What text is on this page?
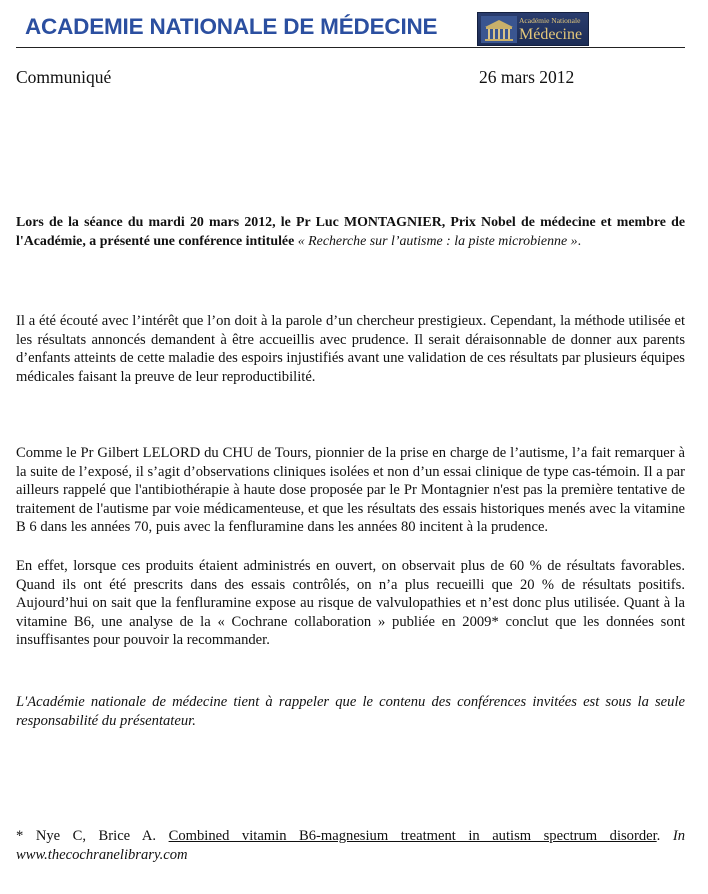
ACADEMIE NATIONALE DE MÉDECINE	Académie Nationale
Médecine
Communiqué	26 mars 2012

Lors de la séance du mardi 20 mars 2012, le Pr Luc MONTAGNIER, Prix Nobel de médecine et membre de l'Académie, a présenté une conférence intitulée « Recherche sur l’autisme : la piste microbienne ».

Il a été écouté avec l’intérêt que l’on doit à la parole d’un chercheur prestigieux. Cependant, la méthode utilisée et les résultats annoncés demandent à être accueillis avec prudence. Il serait déraisonnable de donner aux parents d’enfants atteints de cette maladie des espoirs injustifiés avant une validation de ces résultats par plusieurs équipes médicales faisant la preuve de leur reproductibilité.

Comme le Pr Gilbert LELORD du CHU de Tours, pionnier de la prise en charge de l’autisme, l’a fait remarquer à la suite de l’exposé, il s’agit d’observations cliniques isolées et non d’un essai clinique de type cas-témoin. Il a par ailleurs rappelé que l'antibiothérapie à haute dose proposée par le Pr Montagnier n'est pas la première tentative de traitement de l'autisme par voie médicamenteuse, et que les résultats des essais historiques menés avec la vitamine B 6 dans les années 70, puis avec la fenfluramine dans les années 80 incitent à la prudence.

En effet, lorsque ces produits étaient administrés en ouvert, on observait plus de 60 % de résultats favorables. Quand ils ont été prescrits dans des essais contrôlés, on n’a plus recueilli que 20 % de résultats positifs. Aujourd’hui on sait que la fenfluramine expose au risque de valvulopathies et n’est donc plus utilisée. Quant à la vitamine B6, une analyse de la « Cochrane collaboration » publiée en 2009* conclut que les données sont insuffisantes pour pouvoir la recommander.

L'Académie nationale de médecine tient à rappeler que le contenu des conférences invitées est sous la seule responsabilité du présentateur.

* Nye C, Brice A. Combined vitamin B6-magnesium treatment in autism spectrum disorder. In www.thecochranelibrary.com
